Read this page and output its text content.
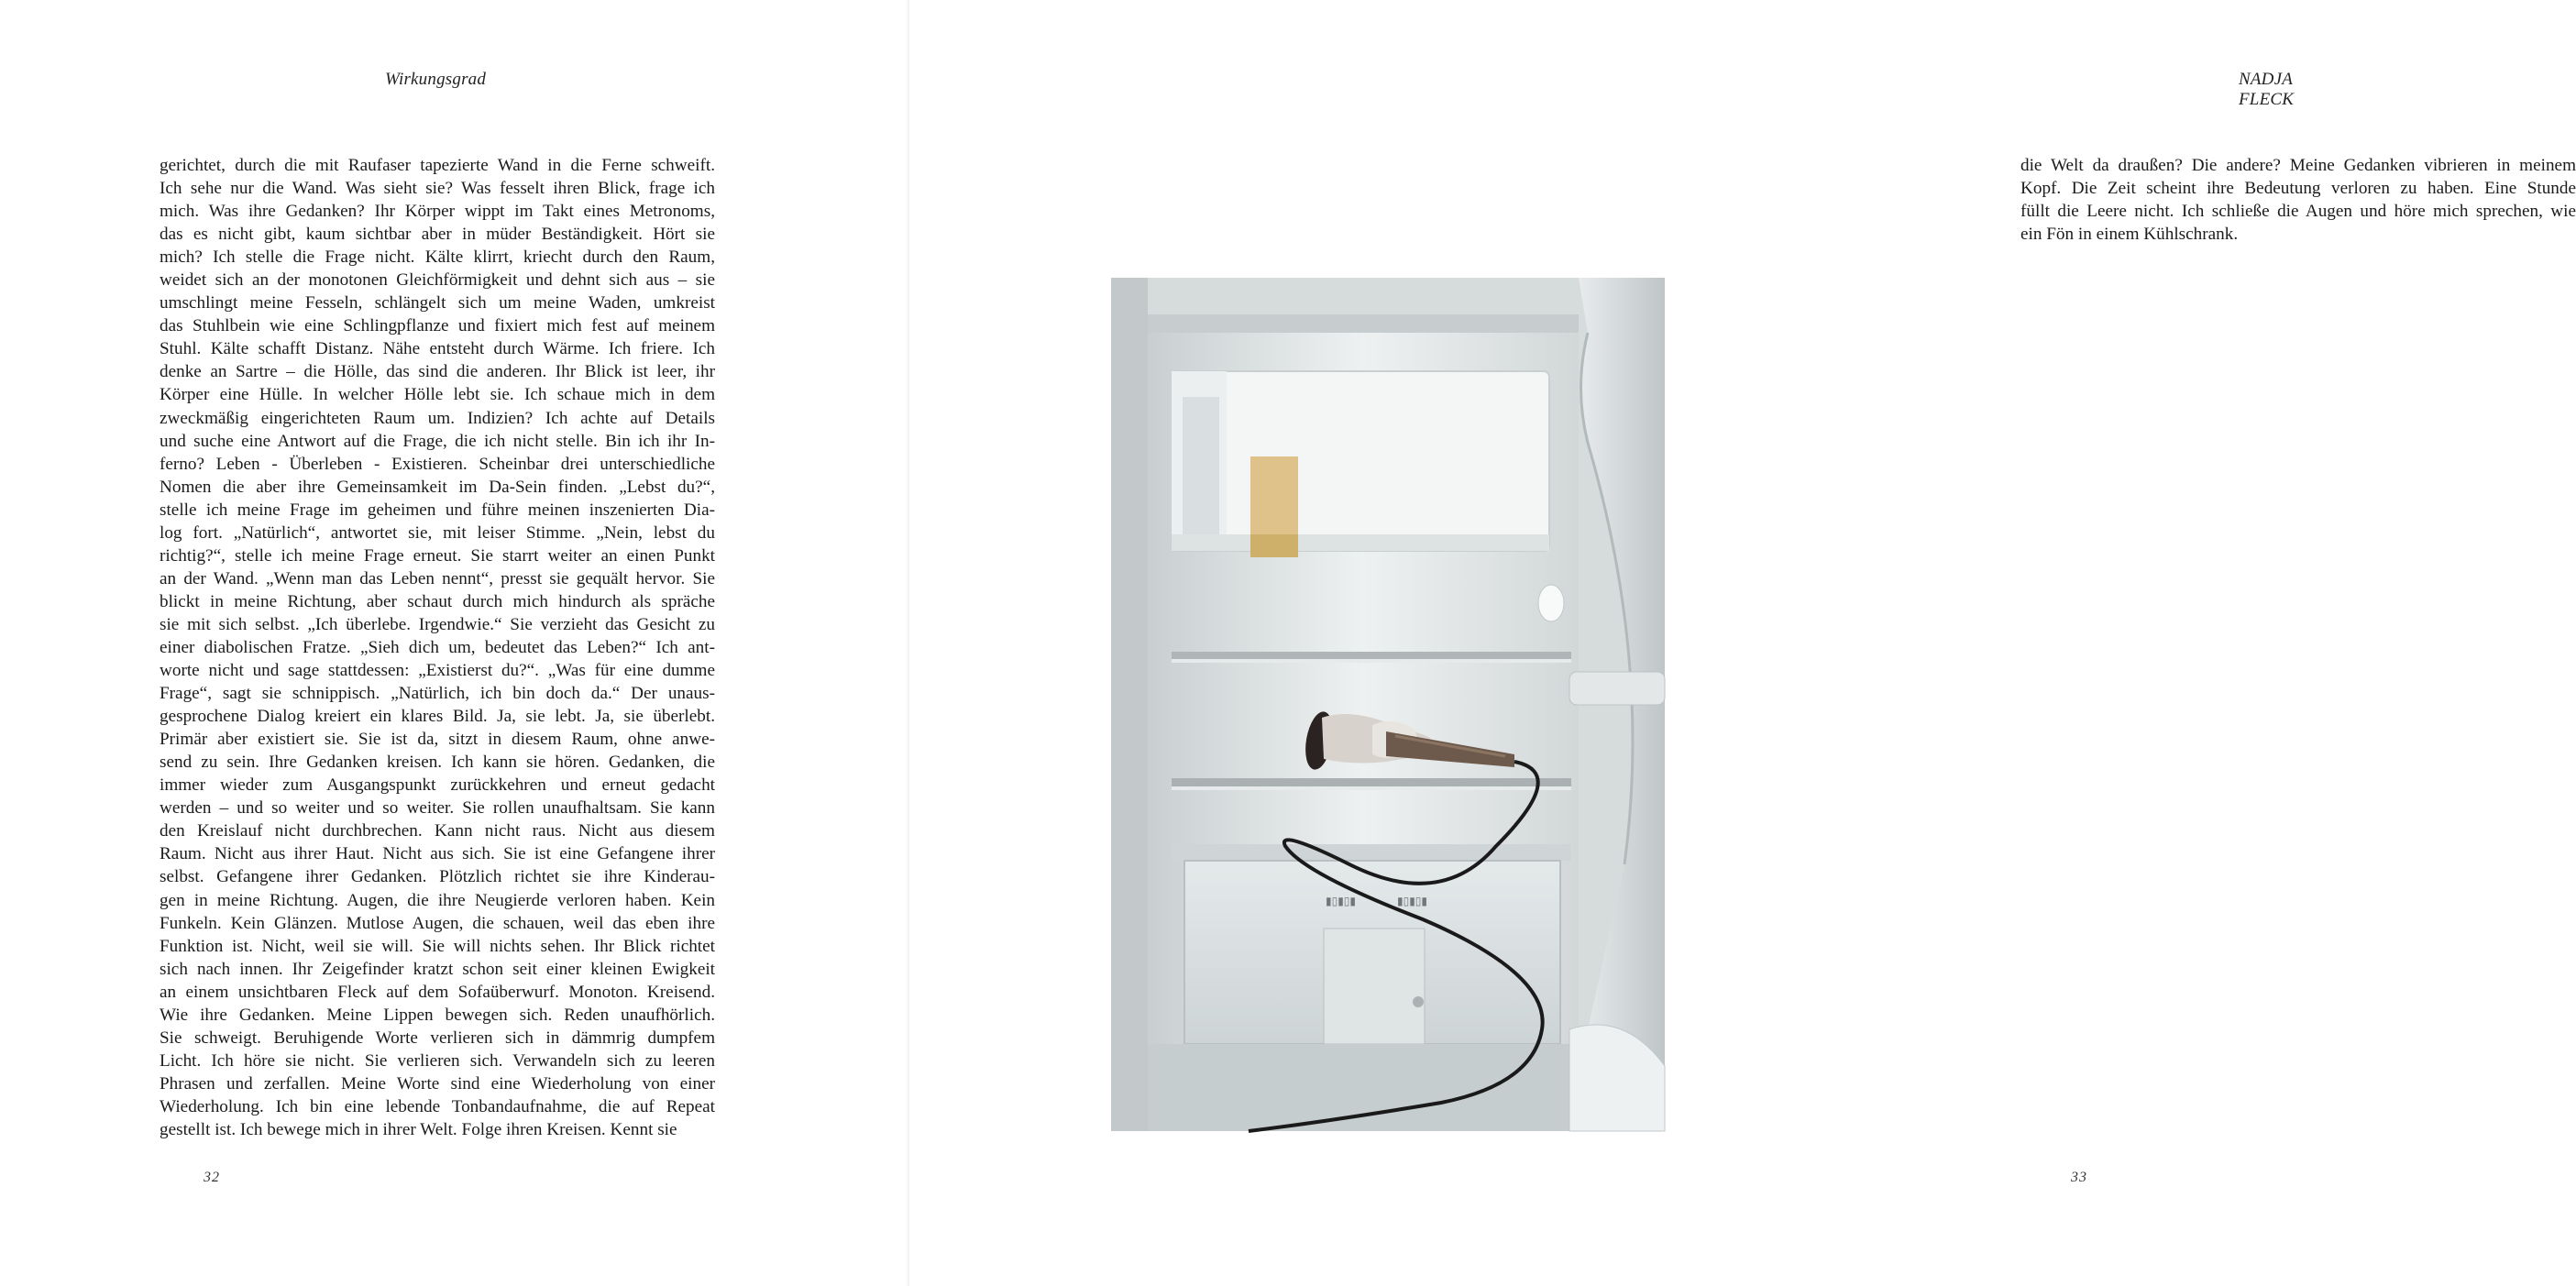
Wirkungsgrad
gerichtet, durch die mit Raufaser tapezierte Wand in die Ferne schweift.
Ich sehe nur die Wand. Was sieht sie? Was fesselt ihren Blick, frage ich
mich. Was ihre Gedanken? Ihr Körper wippt im Takt eines Metronoms,
das es nicht gibt, kaum sichtbar aber in müder Beständigkeit. Hört sie
mich? Ich stelle die Frage nicht. Kälte klirrt, kriecht durch den Raum,
weidet sich an der monotonen Gleichförmigkeit und dehnt sich aus – sie
umschlingt meine Fesseln, schlängelt sich um meine Waden, umkreist
das Stuhlbein wie eine Schlingpflanze und fixiert mich fest auf meinem
Stuhl. Kälte schafft Distanz. Nähe entsteht durch Wärme. Ich friere. Ich
denke an Sartre – die Hölle, das sind die anderen. Ihr Blick ist leer, ihr
Körper eine Hülle. In welcher Hölle lebt sie. Ich schaue mich in dem
zweckmäßig eingerichteten Raum um. Indizien? Ich achte auf Details
und suche eine Antwort auf die Frage, die ich nicht stelle. Bin ich ihr In-
ferno? Leben - Überleben - Existieren. Scheinbar drei unterschiedliche
Nomen die aber ihre Gemeinsamkeit im Da-Sein finden. „Lebst du?“,
stelle ich meine Frage im geheimen und führe meinen inszenierten Dia-
log fort. „Natürlich“, antwortet sie, mit leiser Stimme. „Nein, lebst du
richtig?“, stelle ich meine Frage erneut. Sie starrt weiter an einen Punkt
an der Wand. „Wenn man das Leben nennt“, presst sie gequält hervor. Sie
blickt in meine Richtung, aber schaut durch mich hindurch als spräche
sie mit sich selbst. „Ich überlebe. Irgendwie.“ Sie verzieht das Gesicht zu
einer diabolischen Fratze. „Sieh dich um, bedeutet das Leben?“ Ich ant-
worte nicht und sage stattdessen: „Existierst du?“. „Was für eine dumme
Frage“, sagt sie schnippisch. „Natürlich, ich bin doch da.“ Der unaus-
gesprochene Dialog kreiert ein klares Bild. Ja, sie lebt. Ja, sie überlebt.
Primär aber existiert sie. Sie ist da, sitzt in diesem Raum, ohne anwe-
send zu sein. Ihre Gedanken kreisen. Ich kann sie hören. Gedanken, die
immer wieder zum Ausgangspunkt zurückkehren und erneut gedacht
werden – und so weiter und so weiter. Sie rollen unaufhaltsam. Sie kann
den Kreislauf nicht durchbrechen. Kann nicht raus. Nicht aus diesem
Raum. Nicht aus ihrer Haut. Nicht aus sich. Sie ist eine Gefangene ihrer
selbst. Gefangene ihrer Gedanken. Plötzlich richtet sie ihre Kinderau-
gen in meine Richtung. Augen, die ihre Neugierde verloren haben. Kein
Funkeln. Kein Glänzen. Mutlose Augen, die schauen, weil das eben ihre
Funktion ist. Nicht, weil sie will. Sie will nichts sehen. Ihr Blick richtet
sich nach innen. Ihr Zeigefinder kratzt schon seit einer kleinen Ewigkeit
an einem unsichtbaren Fleck auf dem Sofaüberwurf. Monoton. Kreisend.
Wie ihre Gedanken. Meine Lippen bewegen sich. Reden unaufhörlich.
Sie schweigt. Beruhigende Worte verlieren sich in dämmrig dumpfem
Licht. Ich höre sie nicht. Sie verlieren sich. Verwandeln sich zu leeren
Phrasen und zerfallen. Meine Worte sind eine Wiederholung von einer
Wiederholung. Ich bin eine lebende Tonbandaufnahme, die auf Repeat
gestellt ist. Ich bewege mich in ihrer Welt. Folge ihren Kreisen. Kennt sie
32
NADJA FLECK
die Welt da draußen? Die andere? Meine Gedanken vibrieren in meinem
Kopf. Die Zeit scheint ihre Bedeutung verloren zu haben. Eine Stunde
füllt die Leere nicht. Ich schließe die Augen und höre mich sprechen, wie
ein Fön in einem Kühlschrank.
33
▮▯▮▯▮	▮▯▮▯▮
